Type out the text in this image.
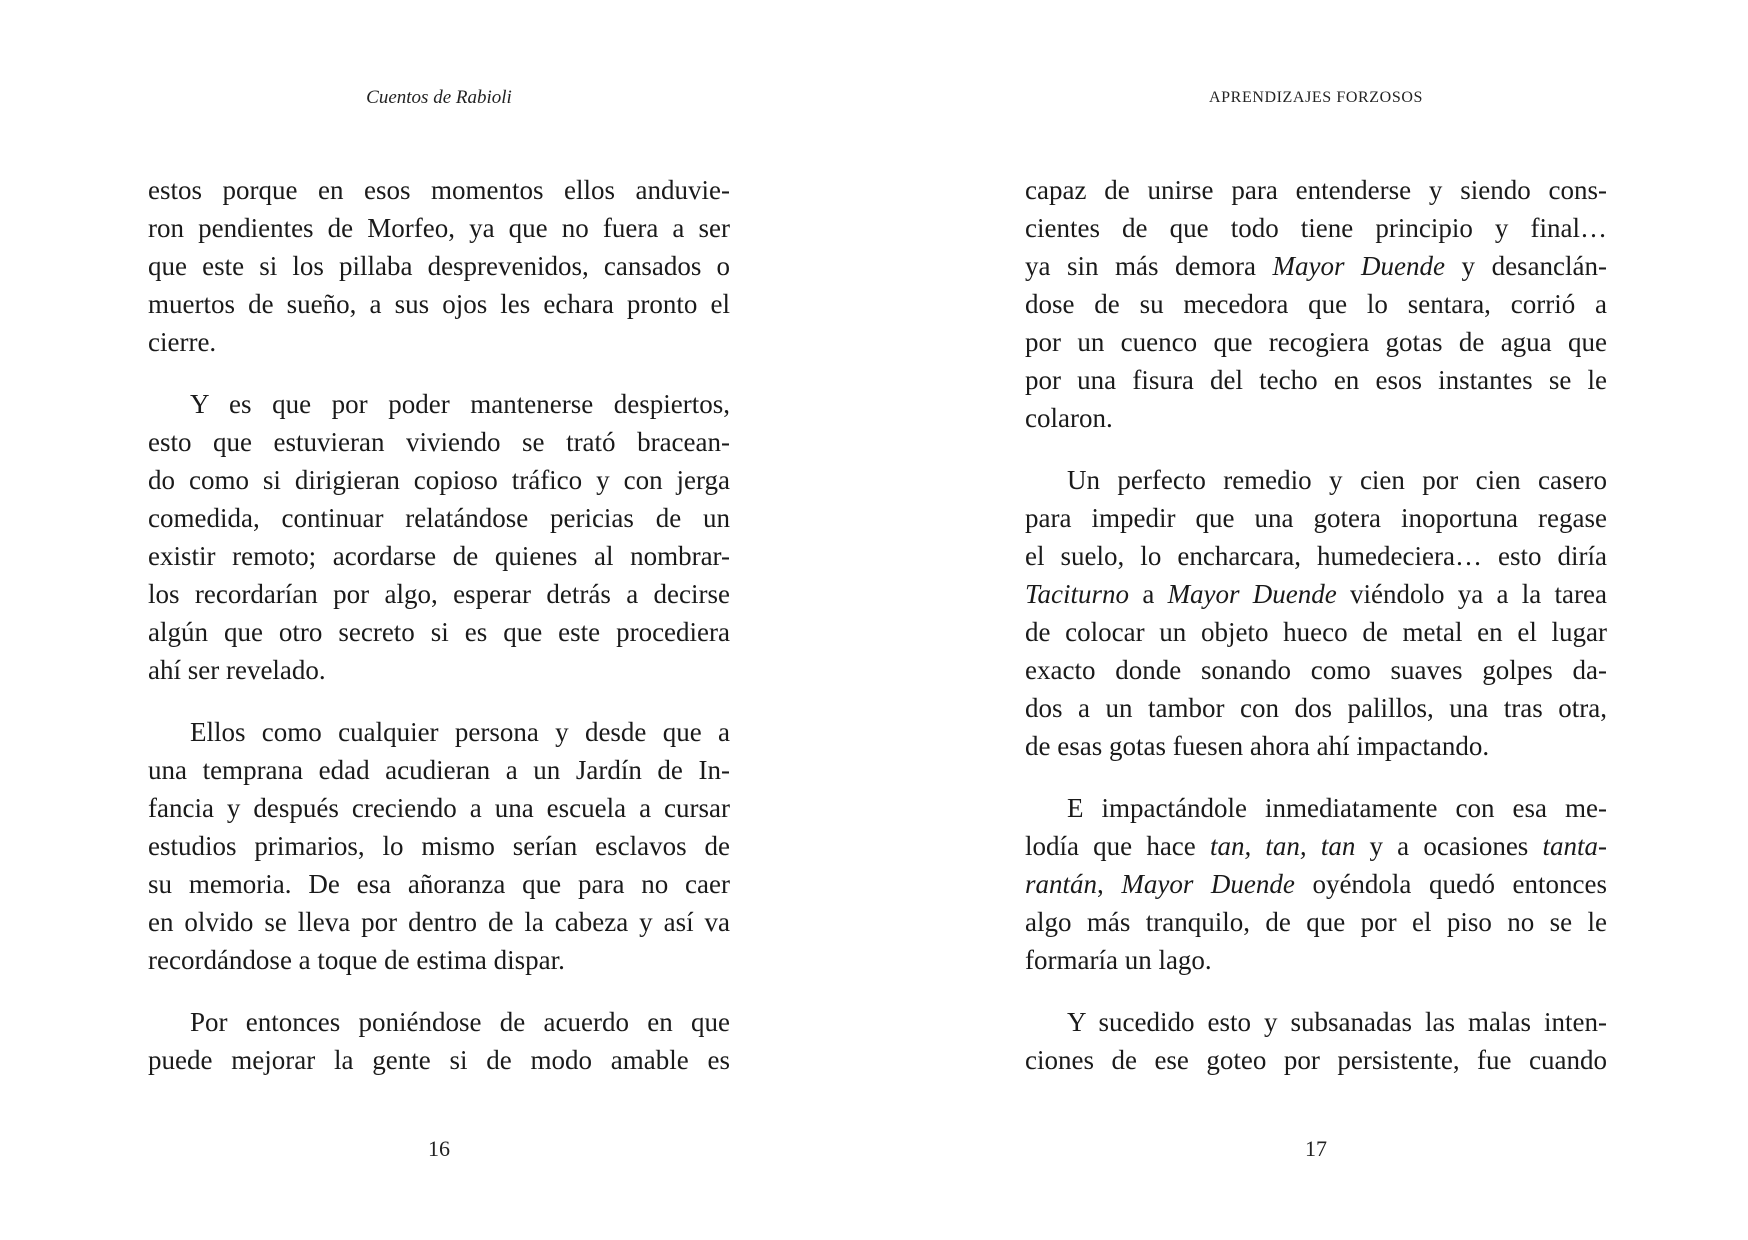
Cuentos de Rabioli
estos porque en esos momentos ellos anduvie-
ron pendientes de Morfeo, ya que no fuera a ser
que este si los pillaba desprevenidos, cansados o
muertos de sueño, a sus ojos les echara pronto el
cierre.
Y es que por poder mantenerse despiertos,
esto que estuvieran viviendo se trató bracean-
do como si dirigieran copioso tráfico y con jerga
comedida, continuar relatándose pericias de un
existir remoto; acordarse de quienes al nombrar-
los recordarían por algo, esperar detrás a decirse
algún que otro secreto si es que este procediera
ahí ser revelado.
Ellos como cualquier persona y desde que a
una temprana edad acudieran a un Jardín de In-
fancia y después creciendo a una escuela a cursar
estudios primarios, lo mismo serían esclavos de
su memoria. De esa añoranza que para no caer
en olvido se lleva por dentro de la cabeza y así va
recordándose a toque de estima dispar.
Por entonces poniéndose de acuerdo en que
puede mejorar la gente si de modo amable es
16
APRENDIZAJES FORZOSOS
capaz de unirse para entenderse y siendo cons-
cientes de que todo tiene principio y final…
ya sin más demora Mayor Duende y desanclán-
dose de su mecedora que lo sentara, corrió a
por un cuenco que recogiera gotas de agua que
por una fisura del techo en esos instantes se le
colaron.
Un perfecto remedio y cien por cien casero
para impedir que una gotera inoportuna regase
el suelo, lo encharcara, humedeciera… esto diría
Taciturno a Mayor Duende viéndolo ya a la tarea
de colocar un objeto hueco de metal en el lugar
exacto donde sonando como suaves golpes da-
dos a un tambor con dos palillos, una tras otra,
de esas gotas fuesen ahora ahí impactando.
E impactándole inmediatamente con esa me-
lodía que hace tan, tan, tan y a ocasiones tanta-
rantán, Mayor Duende oyéndola quedó entonces
algo más tranquilo, de que por el piso no se le
formaría un lago.
Y sucedido esto y subsanadas las malas inten-
ciones de ese goteo por persistente, fue cuando
17
